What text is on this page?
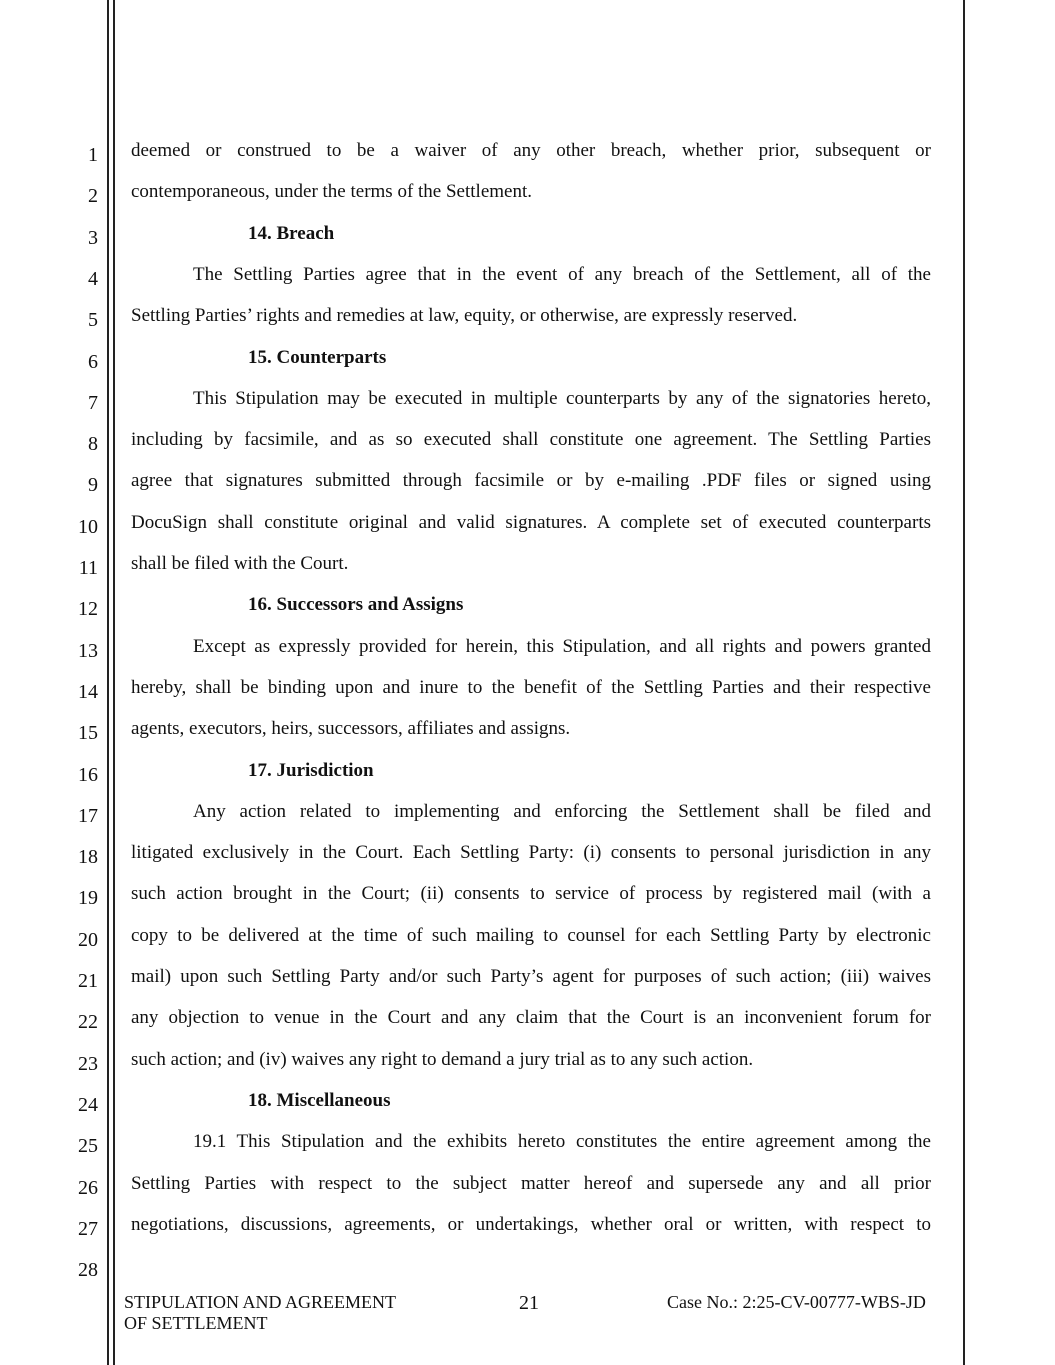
1
2
3
4
5
6
7
8
9
10
11
12
13
14
15
16
17
18
19
20
21
22
23
24
25
26
27
28
deemed or construed to be a waiver of any other breach, whether prior, subsequent or
contemporaneous, under the terms of the Settlement.
14. Breach
The Settling Parties agree that in the event of any breach of the Settlement, all of the
Settling Parties’ rights and remedies at law, equity, or otherwise, are expressly reserved.
15. Counterparts
This Stipulation may be executed in multiple counterparts by any of the signatories hereto,
including by facsimile, and as so executed shall constitute one agreement. The Settling Parties
agree that signatures submitted through facsimile or by e-mailing .PDF files or signed using
DocuSign shall constitute original and valid signatures. A complete set of executed counterparts
shall be filed with the Court.
16. Successors and Assigns
Except as expressly provided for herein, this Stipulation, and all rights and powers granted
hereby, shall be binding upon and inure to the benefit of the Settling Parties and their respective
agents, executors, heirs, successors, affiliates and assigns.
17. Jurisdiction
Any action related to implementing and enforcing the Settlement shall be filed and
litigated exclusively in the Court. Each Settling Party: (i) consents to personal jurisdiction in any
such action brought in the Court; (ii) consents to service of process by registered mail (with a
copy to be delivered at the time of such mailing to counsel for each Settling Party by electronic
mail) upon such Settling Party and/or such Party’s agent for purposes of such action; (iii) waives
any objection to venue in the Court and any claim that the Court is an inconvenient forum for
such action; and (iv) waives any right to demand a jury trial as to any such action.
18. Miscellaneous
19.1 This Stipulation and the exhibits hereto constitutes the entire agreement among the
Settling Parties with respect to the subject matter hereof and supersede any and all prior
negotiations, discussions, agreements, or undertakings, whether oral or written, with respect to
STIPULATION AND AGREEMENT
OF SETTLEMENT
21	Case No.: 2:25-CV-00777-WBS-JD
